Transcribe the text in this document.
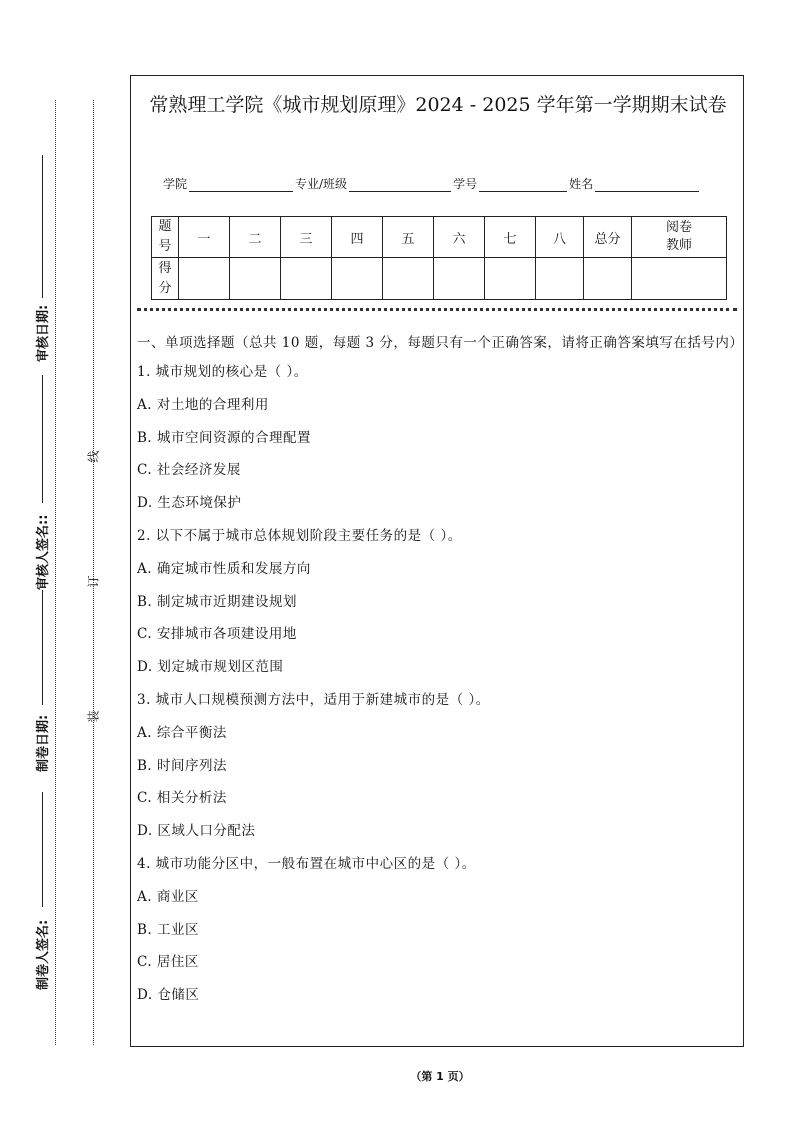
审核日期:
审核人签名::
制卷日期:
制卷人签名:
线
订
装
常熟理工学院《城市规划原理》2024 - 2025 学年第一学期期末试卷
学院	专业/班级	学号	姓名
题号	一	二	三	四	五	六	七	八	总分	阅卷教师

得分										

一、单项选择题（总共 10 题，每题 3 分，每题只有一个正确答案，请将正确答案填写在括号内）
1. 城市规划的核心是（ ）。
A. 对土地的合理利用
B. 城市空间资源的合理配置
C. 社会经济发展
D. 生态环境保护
2. 以下不属于城市总体规划阶段主要任务的是（ ）。
A. 确定城市性质和发展方向
B. 制定城市近期建设规划
C. 安排城市各项建设用地
D. 划定城市规划区范围
3. 城市人口规模预测方法中，适用于新建城市的是（ ）。
A. 综合平衡法
B. 时间序列法
C. 相关分析法
D. 区域人口分配法
4. 城市功能分区中，一般布置在城市中心区的是（ ）。
A. 商业区
B. 工业区
C. 居住区
D. 仓储区
（第 1 页）
